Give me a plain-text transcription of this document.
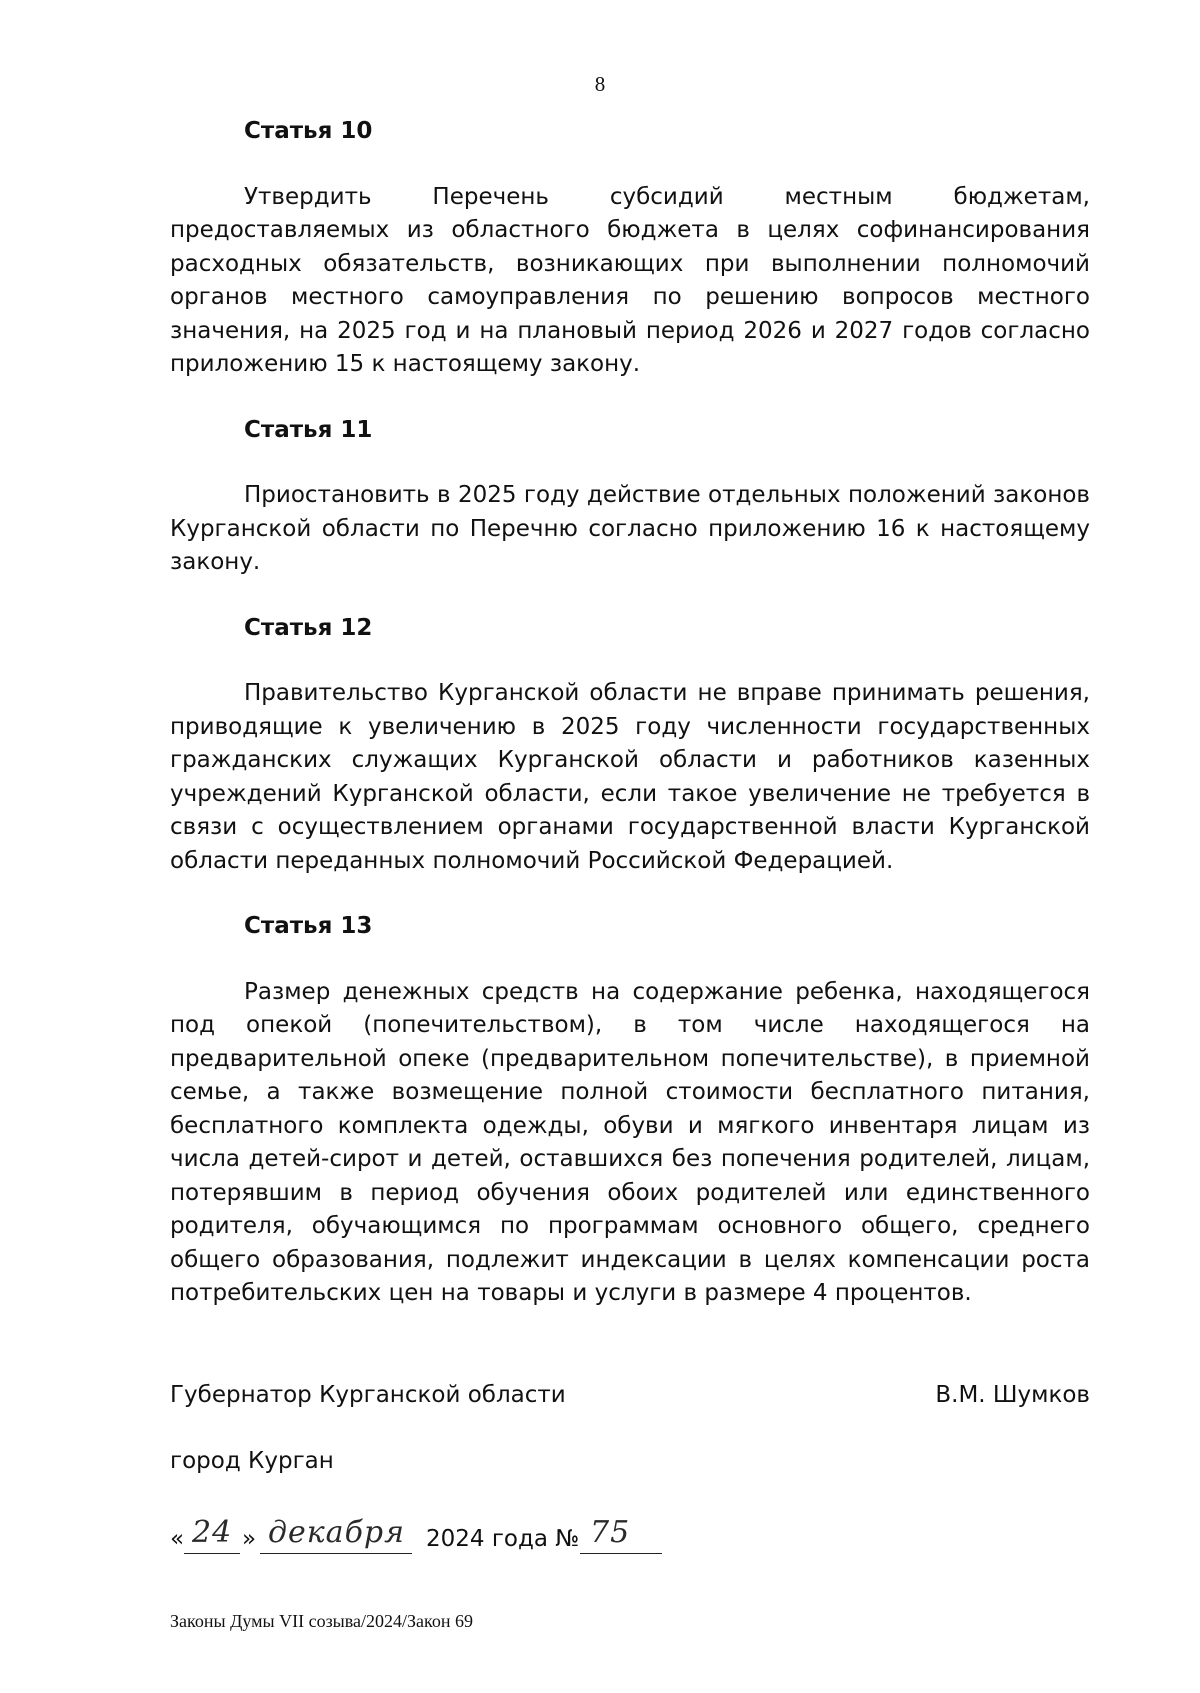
8

Статья 10

Утвердить Перечень субсидий местным бюджетам, предоставляемых из областного бюджета в целях софинансирования расходных обязательств, возникающих при выполнении полномочий органов местного самоуправления по решению вопросов местного значения, на 2025 год и на плановый период 2026 и 2027 годов согласно приложению 15 к настоящему закону.

Статья 11

Приостановить в 2025 году действие отдельных положений законов Курганской области по Перечню согласно приложению 16 к настоящему закону.

Статья 12

Правительство Курганской области не вправе принимать решения, приводящие к увеличению в 2025 году численности государственных гражданских служащих Курганской области и работников казенных учреждений Курганской области, если такое увеличение не требуется в связи с осуществлением органами государственной власти Курганской области переданных полномочий Российской Федерацией.

Статья 13

Размер денежных средств на содержание ребенка, находящегося под опекой (попечительством), в том числе находящегося на предварительной опеке (предварительном попечительстве), в приемной семье, а также возмещение полной стоимости бесплатного питания, бесплатного комплекта одежды, обуви и мягкого инвентаря лицам из числа детей-сирот и детей, оставшихся без попечения родителей, лицам, потерявшим в период обучения обоих родителей или единственного родителя, обучающимся по программам основного общего, среднего общего образования, подлежит индексации в целях компенсации роста потребительских цен на товары и услуги в размере 4 процентов.

Губернатор Курганской области	В.М. Шумков
город Курган
« 24 » декабря 2024 года № 75
Законы Думы VII созыва/2024/Закон 69
